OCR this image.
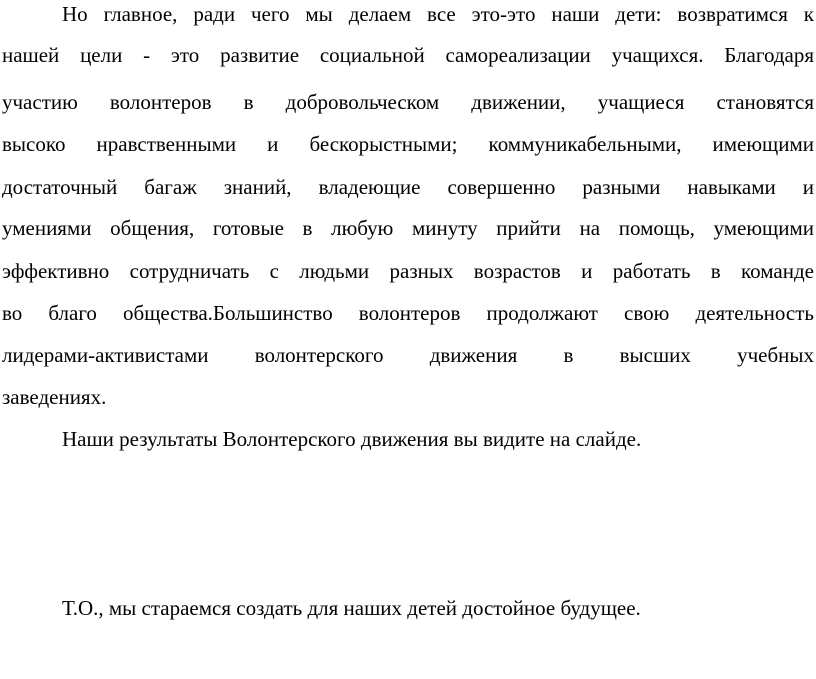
Но главное, ради чего мы делаем все это-это наши дети: возвратимся к
нашей цели - это развитие социальной самореализации учащихся. Благодаря
участию волонтеров в добровольческом движении, учащиеся становятся
высоко нравственными и бескорыстными; коммуникабельными, имеющими
достаточный багаж знаний, владеющие совершенно разными навыками и
умениями общения, готовые в любую минуту прийти на помощь, умеющими
эффективно сотрудничать с людьми разных возрастов и работать в команде
во благо общества.Большинство волонтеров продолжают свою деятельность
лидерами-активистами волонтерского движения в высших учебных
заведениях.
Наши результаты Волонтерского движения вы видите на слайде.
Т.О., мы стараемся создать для наших детей достойное будущее.
